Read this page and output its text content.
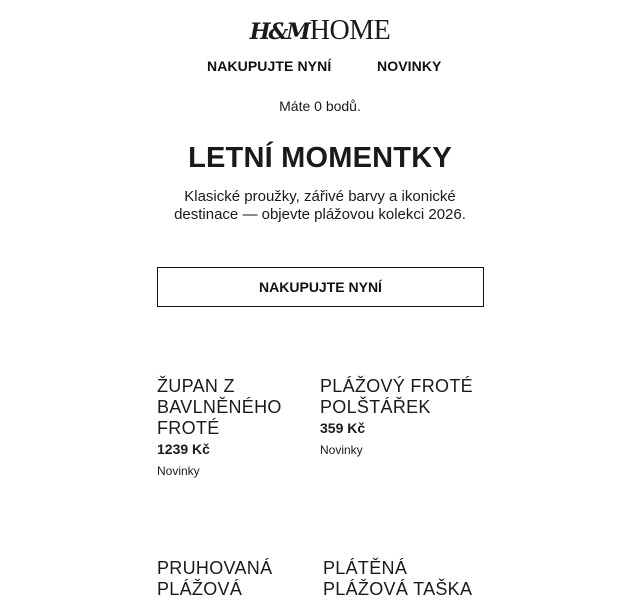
H&MHOME
NAKUPUJTE NYNÍ	NOVINKY
Máte 0 bodů.
LETNÍ MOMENTKY

Klasické proužky, zářivé barvy a ikonické destinace — objevte plážovou kolekci 2026.

NAKUPUJTE NYNÍ
ŽUPAN Z BAVLNĚNÉHO FROTÉ
1239 Kč
Novinky
PLÁŽOVÝ FROTÉ POLŠTÁŘEK
359 Kč
Novinky
PRUHOVANÁ PLÁŽOVÁ
PLÁTĚNÁ PLÁŽOVÁ TAŠKA
